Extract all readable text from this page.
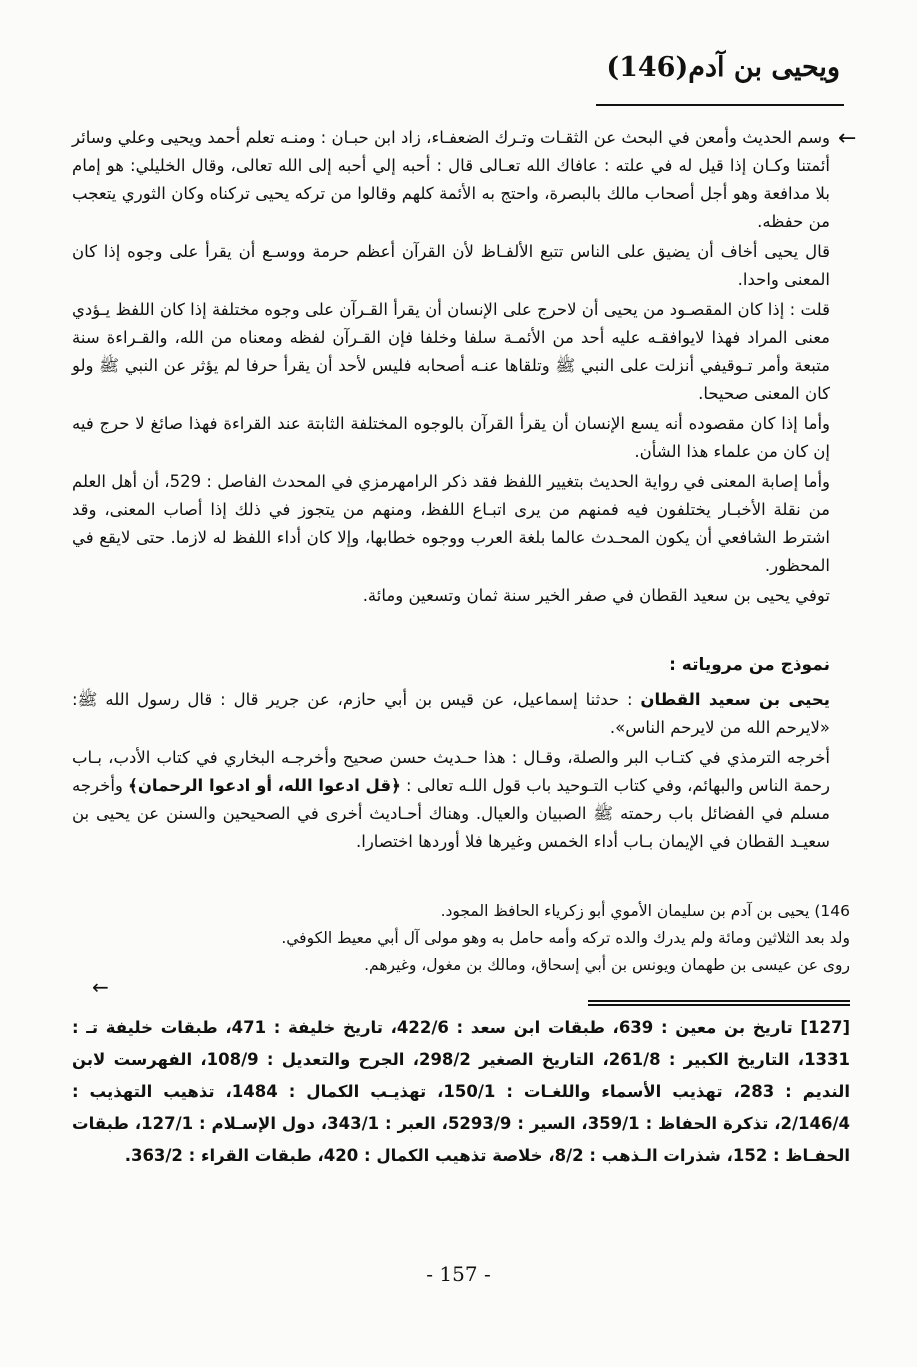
ويحيى بن آدم(146)
←

وسم الحديث وأمعن في البحث عن الثقـات وتـرك الضعفـاء، زاد ابن حبـان : ومنـه تعلم أحمد ويحيى وعلي وسائر أئمتنا وكـان إذا قيل له في علته : عافاك الله تعـالى قال : أحبه إلي أحبه إلى الله تعالى، وقال الخليلي: هو إمام بلا مدافعة وهو أجل أصحاب مالك بالبصرة، واحتج به الأئمة كلهم وقالوا من تركه يحيى تركناه وكان الثوري يتعجب من حفظه.

قال يحيى أخاف أن يضيق على الناس تتبع الألفـاظ لأن القرآن أعظم حرمة ووسـع أن يقرأ على وجوه إذا كان المعنى واحدا.

قلت : إذا كان المقصـود من يحيى أن لاحرج على الإنسان أن يقرأ القـرآن على وجوه مختلفة إذا كان اللفظ يـؤدي معنى المراد فهذا لايوافقـه عليه أحد من الأئمـة سلفا وخلفا فإن القـرآن لفظه ومعناه من الله، والقـراءة سنة متبعة وأمر تـوقيفي أنزلت على النبي ﷺ وتلقاها عنـه أصحابه فليس لأحد أن يقرأ حرفا لم يؤثر عن النبي ﷺ ولو كان المعنى صحيحا.

وأما إذا كان مقصوده أنه يسع الإنسان أن يقرأ القرآن بالوجوه المختلفة الثابتة عند القراءة فهذا صائغ لا حرج فيه إن كان من علماء هذا الشأن.

وأما إصابة المعنى في رواية الحديث بتغيير اللفظ فقد ذكر الرامهرمزي في المحدث الفاصل : 529، أن أهل العلم من نقلة الأخبـار يختلفون فيه فمنهم من يرى اتبـاع اللفظ، ومنهم من يتجوز في ذلك إذا أصاب المعنى، وقد اشترط الشافعي أن يكون المحـدث عالما بلغة العرب ووجوه خطابها، وإلا كان أداء اللفظ له لازما. حتى لايقع في المحظور.

توفي يحيى بن سعيد القطان في صفر الخير سنة ثمان وتسعين ومائة.

نموذج من مروياته :

يحيى بن سعيد القطان : حدثنا إسماعيل، عن قيس بن أبي حازم، عن جرير قال : قال رسول الله ﷺ: «لايرحم الله من لايرحم الناس».

أخرجه الترمذي في كتـاب البر والصلة، وقـال : هذا حـديث حسن صحيح وأخرجـه البخاري في كتاب الأدب، بـاب رحمة الناس والبهائم، وفي كتاب التـوحيد باب قول اللـه تعالى : ﴿قل ادعوا الله، أو ادعوا الرحمان﴾ وأخرجه مسلم في الفضائل باب رحمته ﷺ الصبيان والعيال. وهناك أحـاديث أخرى في الصحيحين والسنن عن يحيى بن سعيـد القطان في الإيمان بـاب أداء الخمس وغيرها فلا أوردها اختصارا.

146) يحيى بن آدم بن سليمان الأموي أبو زكرياء الحافظ المجود.

ولد بعد الثلاثين ومائة ولم يدرك والده تركه وأمه حامل به وهو مولى آل أبي معيط الكوفي.

روى عن عيسى بن طهمان ويونس بن أبي إسحاق، ومالك بن مغول، وغيرهم.

←

[127] تاريخ بن معين : 639، طبقات ابن سعد : 422/6، تاريخ خليفة : 471، طبقات خليفة تـ : 1331، التاريخ الكبير : 261/8، التاريخ الصغير 298/2، الجرح والتعديل : 108/9، الفهرست لابن النديم : 283، تهذيب الأسماء واللغـات : 150/1، تهذيـب الكمال : 1484، تذهيب التهذيب : 2/146/4، تذكرة الحفاظ : 359/1، السير : 5293/9، العبر : 343/1، دول الإسـلام : 127/1، طبقات الحفـاظ : 152، شذرات الـذهب : 8/2، خلاصة تذهيب الكمال : 420، طبقات القراء : 363/2.

- 157 -
